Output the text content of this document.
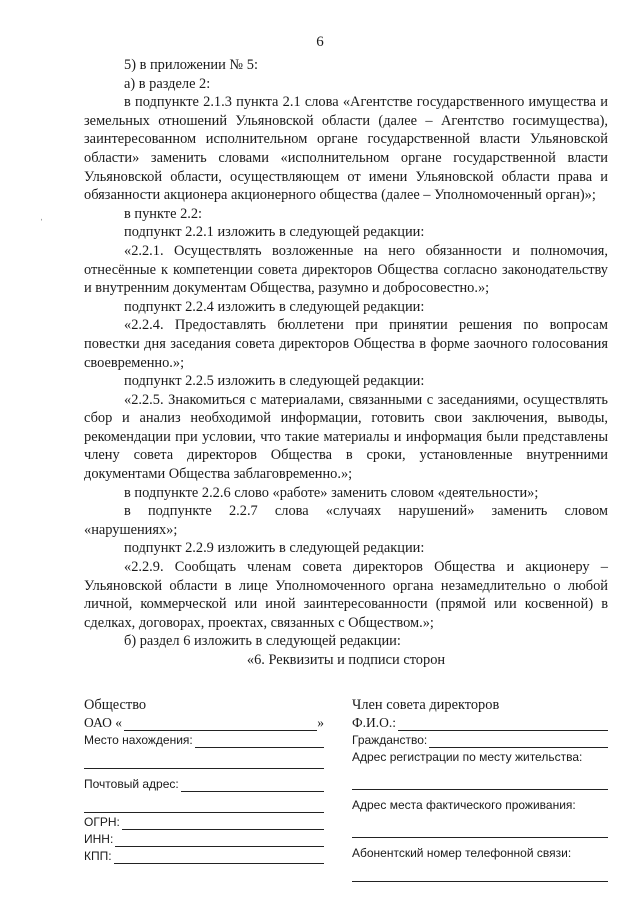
6
ˌ
5) в приложении № 5:
а) в разделе 2:
в подпункте 2.1.3 пункта 2.1 слова «Агентстве государственного имущества и земельных отношений Ульяновской области (далее – Агентство госимущества), заинтересованном исполнительном органе государственной власти Ульяновской области» заменить словами «исполнительном органе государственной власти Ульяновской области, осуществляющем от имени Ульяновской области права и обязанности акционера акционерного общества (далее – Уполномоченный орган)»;
в пункте 2.2:
подпункт 2.2.1 изложить в следующей редакции:
«2.2.1. Осуществлять возложенные на него обязанности и полномочия, отнесённые к компетенции совета директоров Общества согласно законодательству и внутренним документам Общества, разумно и добросовестно.»;
подпункт 2.2.4 изложить в следующей редакции:
«2.2.4. Предоставлять бюллетени при принятии решения по вопросам повестки дня заседания совета директоров Общества в форме заочного голосования своевременно.»;
подпункт 2.2.5 изложить в следующей редакции:
«2.2.5. Знакомиться с материалами, связанными с заседаниями, осуществлять сбор и анализ необходимой информации, готовить свои заключения, выводы, рекомендации при условии, что такие материалы и информация были представлены члену совета директоров Общества в сроки, установленные внутренними документами Общества заблаговременно.»;
в подпункте 2.2.6 слово «работе» заменить словом «деятельности»;
в подпункте 2.2.7 слова «случаях нарушений» заменить словом «нарушениях»;
подпункт 2.2.9 изложить в следующей редакции:
«2.2.9. Сообщать членам совета директоров Общества и акционеру – Ульяновской области в лице Уполномоченного органа незамедлительно о любой личной, коммерческой или иной заинтересованности (прямой или косвенной) в сделках, договорах, проектах, связанных с Обществом.»;
б) раздел 6 изложить в следующей редакции:
«6. Реквизиты и подписи сторон
Общество
ОАО «	»
Место нахождения:
Почтовый адрес:
ОГРН:
ИНН:
КПП:
Член совета директоров
Ф.И.О.:
Гражданство:
Адрес регистрации по месту жительства:
Адрес места фактического проживания:
Абонентский номер телефонной связи:
